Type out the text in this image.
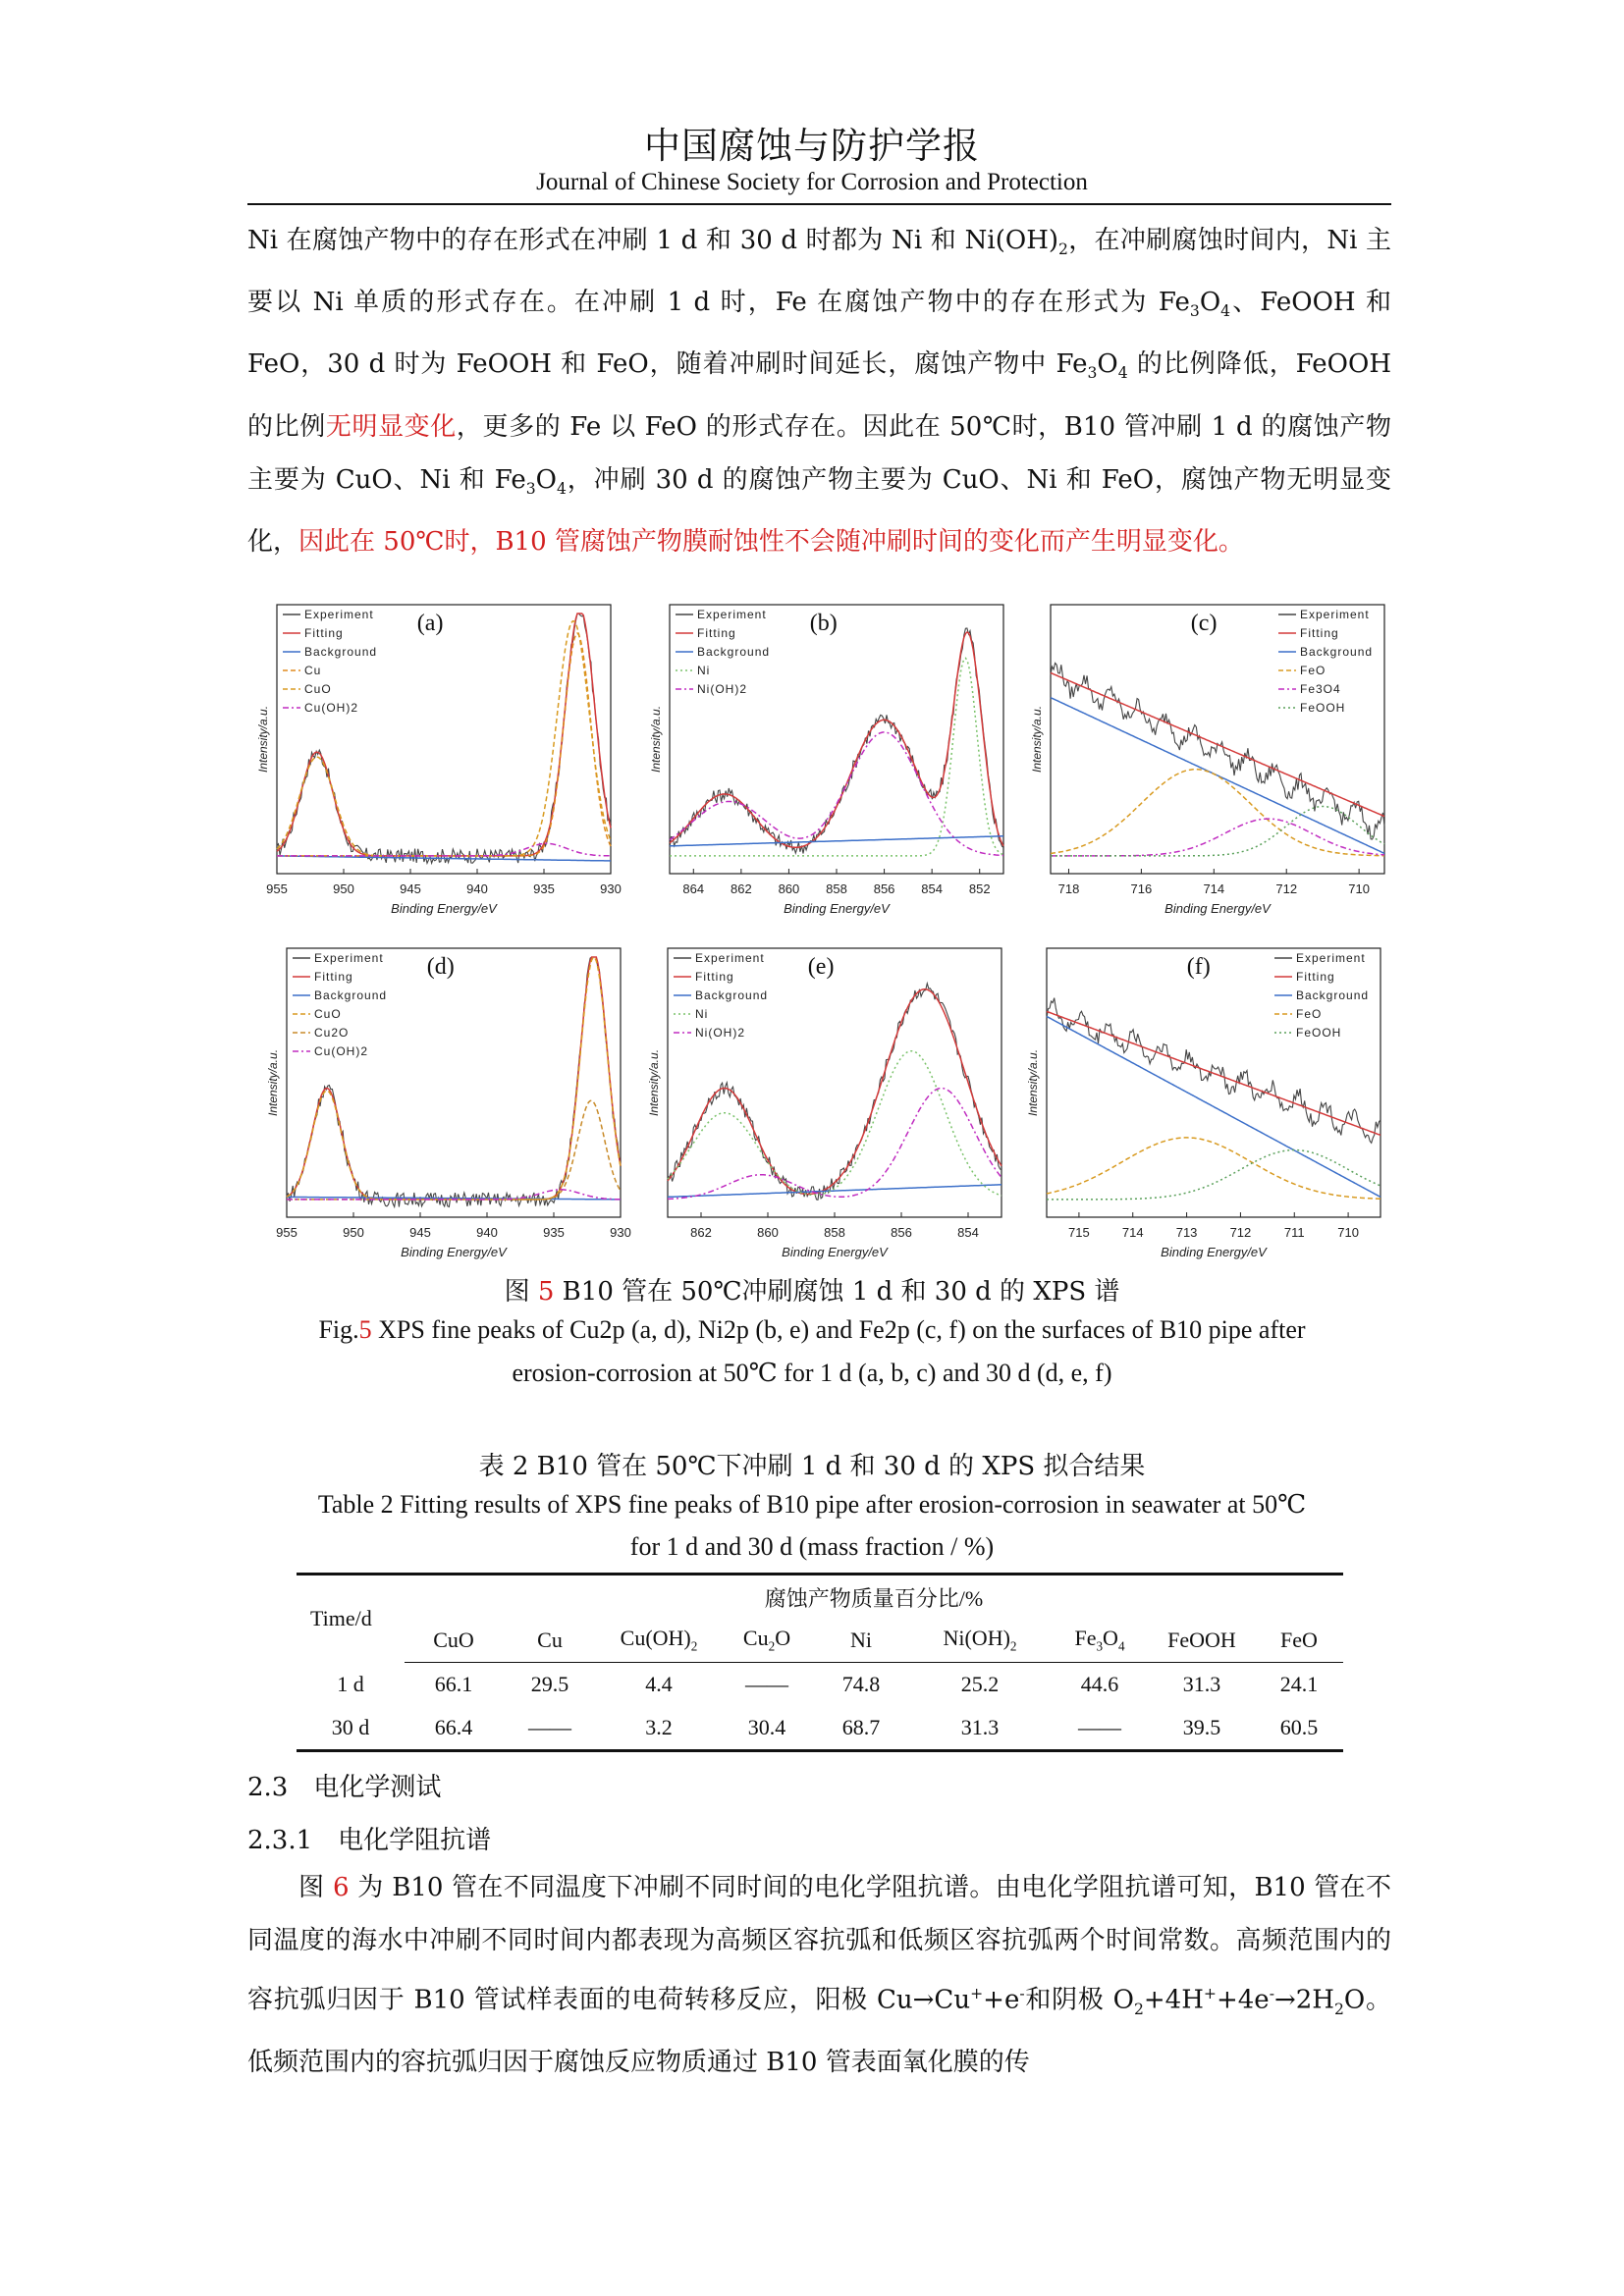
中国腐蚀与防护学报
Journal of Chinese Society for Corrosion and Protection
Ni 在腐蚀产物中的存在形式在冲刷 1 d 和 30 d 时都为 Ni 和 $Ni(OH)_2$，在冲刷腐蚀时间内，Ni 主要以 Ni 单质的形式存在。在冲刷 1 d 时，Fe 在腐蚀产物中的存在形式为 $Fe_3O_4$、FeOOH 和 FeO，30 d 时为 FeOOH 和 FeO，随着冲刷时间延长，腐蚀产物中 $Fe_3O_4$ 的比例降低，FeOOH 的比例无明显变化，更多的 Fe 以 FeO 的形式存在。因此在 50℃时，B10 管冲刷 1 d 的腐蚀产物主要为 CuO、Ni 和 $Fe_3O_4$，冲刷 30 d 的腐蚀产物主要为 CuO、Ni 和 FeO，腐蚀产物无明显变化，因此在 50℃时，B10 管腐蚀产物膜耐蚀性不会随冲刷时间的变化而产生明显变化。
955	950	945	940	935	930
Binding Energy/eV
Intensity/a.u.
(a)
Experiment
Fitting
Background
Cu
CuO
Cu(OH)2
864 862 860 858 856 854 852
Binding Energy/eV
Intensity/a.u.
(b)
Experiment
Fitting
Background
Ni
Ni(OH)2
718	716	714	712	710
Binding Energy/eV
Intensity/a.u.
(c)	Experiment
Fitting
Background
FeO
Fe3O4
FeOOH
955	950	945	940	935	930
Binding Energy/eV
Intensity/a.u.
(d)
Experiment
Fitting
Background
CuO
Cu2O
Cu(OH)2
862	860	858	856	854
Binding Energy/eV
Intensity/a.u.
(e)
Experiment
Fitting
Background
Ni
Ni(OH)2
715	714	713	712	711	710
Binding Energy/eV
Intensity/a.u.
(f)	Experiment
Fitting
Background
FeO
FeOOH
图 5 B10 管在 50℃冲刷腐蚀 1 d 和 30 d 的 XPS 谱
Fig.5 XPS fine peaks of Cu2p (a, d), Ni2p (b, e) and Fe2p (c, f) on the surfaces of B10 pipe after
erosion-corrosion at 50℃ for 1 d (a, b, c) and 30 d (d, e, f)
表 2 B10 管在 50℃下冲刷 1 d 和 30 d 的 XPS 拟合结果
Table 2 Fitting results of XPS fine peaks of B10 pipe after erosion-corrosion in seawater at 50℃
for 1 d and 30 d (mass fraction / %)
Time/d	腐蚀产物质量百分比/%								
	CuO	Cu	$Cu(OH)_2$	$Cu_2O$	Ni	$Ni(OH)_2$	$Fe_3O_4$	FeOOH	FeO
1 d	66.1	29.5	4.4	——	74.8	25.2	44.6	31.3	24.1
30 d	66.4	——	3.2	30.4	68.7	31.3	——	39.5	60.5
2.3　电化学测试
2.3.1　电化学阻抗谱
图 6 为 B10 管在不同温度下冲刷不同时间的电化学阻抗谱。由电化学阻抗谱可知，B10 管在不同温度的海水中冲刷不同时间内都表现为高频区容抗弧和低频区容抗弧两个时间常数。高频范围内的容抗弧归因于 B10 管试样表面的电荷转移反应，阳极 Cu→Cu++e-和阴极 $O_2+4H^++4e^-\to 2H_2O$。低频范围内的容抗弧归因于腐蚀反应物质通过 B10 管表面氧化膜的传
